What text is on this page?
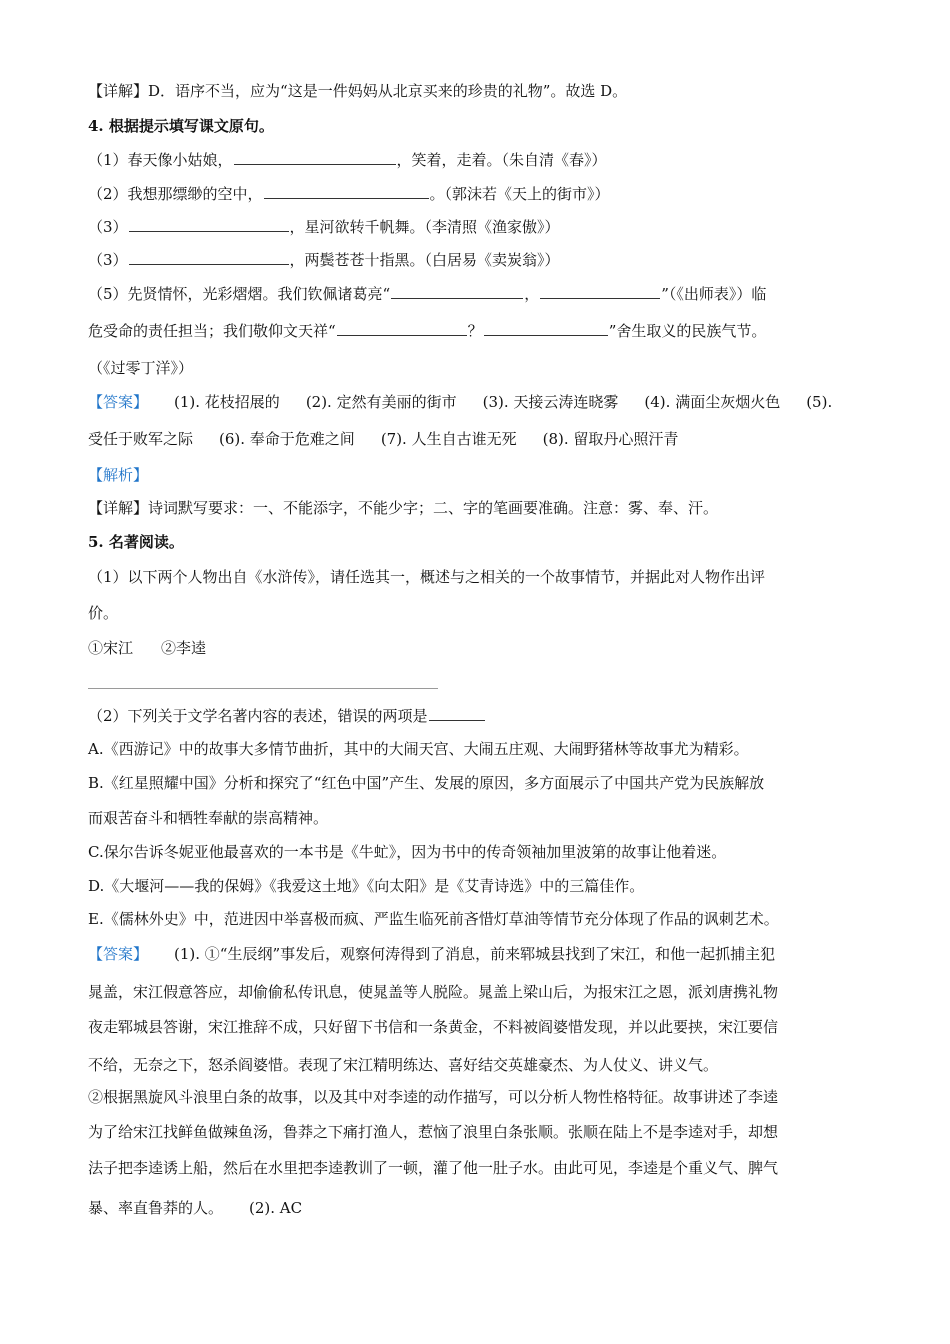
【详解】D．语序不当，应为“这是一件妈妈从北京买来的珍贵的礼物”。故选 D。
4. 根据提示填写课文原句。
（1）春天像小姑娘，	，笑着，走着。（朱自清《春》）
（2）我想那缥缈的空中，	。（郭沫若《天上的街市》）
（3）	，星河欲转千帆舞。（李清照《渔家傲》）
（3）	，两鬓苍苍十指黑。（白居易《卖炭翁》）
（5）先贤情怀，光彩熠熠。我们钦佩诸葛亮“	，	”（《出师表》）临
危受命的责任担当；我们敬仰文天祥“	？	”舍生取义的民族气节。
（《过零丁洋》）
【答案】 (1). 花枝招展的 (2). 定然有美丽的街市 (3). 天接云涛连晓雾 (4). 满面尘灰烟火色 (5).
受任于败军之际 (6). 奉命于危难之间 (7). 人生自古谁无死 (8). 留取丹心照汗青
【解析】
【详解】诗词默写要求：一、不能添字，不能少字；二、字的笔画要准确。注意：雾、奉、汗。
5. 名著阅读。
（1）以下两个人物出自《水浒传》，请任选其一，概述与之相关的一个故事情节，并据此对人物作出评
价。
①宋江 ②李逵
（2）下列关于文学名著内容的表述，错误的两项是
A.《西游记》中的故事大多情节曲折，其中的大闹天宫、大闹五庄观、大闹野猪林等故事尤为精彩。
B.《红星照耀中国》分析和探究了“红色中国”产生、发展的原因，多方面展示了中国共产党为民族解放
而艰苦奋斗和牺牲奉献的崇高精神。
C.保尔告诉冬妮亚他最喜欢的一本书是《牛虻》，因为书中的传奇领袖加里波第的故事让他着迷。
D.《大堰河——我的保姆》《我爱这土地》《向太阳》是《艾青诗选》中的三篇佳作。
E.《儒林外史》中，范进因中举喜极而疯、严监生临死前吝惜灯草油等情节充分体现了作品的讽刺艺术。
【答案】 (1). ①“生辰纲”事发后，观察何涛得到了消息，前来郓城县找到了宋江，和他一起抓捕主犯
晁盖，宋江假意答应，却偷偷私传讯息，使晁盖等人脱险。晁盖上梁山后，为报宋江之恩，派刘唐携礼物
夜走郓城县答谢，宋江推辞不成，只好留下书信和一条黄金，不料被阎婆惜发现，并以此要挟，宋江要信
不给，无奈之下，怒杀阎婆惜。表现了宋江精明练达、喜好结交英雄豪杰、为人仗义、讲义气。
②根据黑旋风斗浪里白条的故事，以及其中对李逵的动作描写，可以分析人物性格特征。故事讲述了李逵
为了给宋江找鲜鱼做辣鱼汤，鲁莽之下痛打渔人，惹恼了浪里白条张顺。张顺在陆上不是李逵对手，却想
法子把李逵诱上船，然后在水里把李逵教训了一顿，灌了他一肚子水。由此可见，李逵是个重义气、脾气
暴、率直鲁莽的人。 (2). AC
